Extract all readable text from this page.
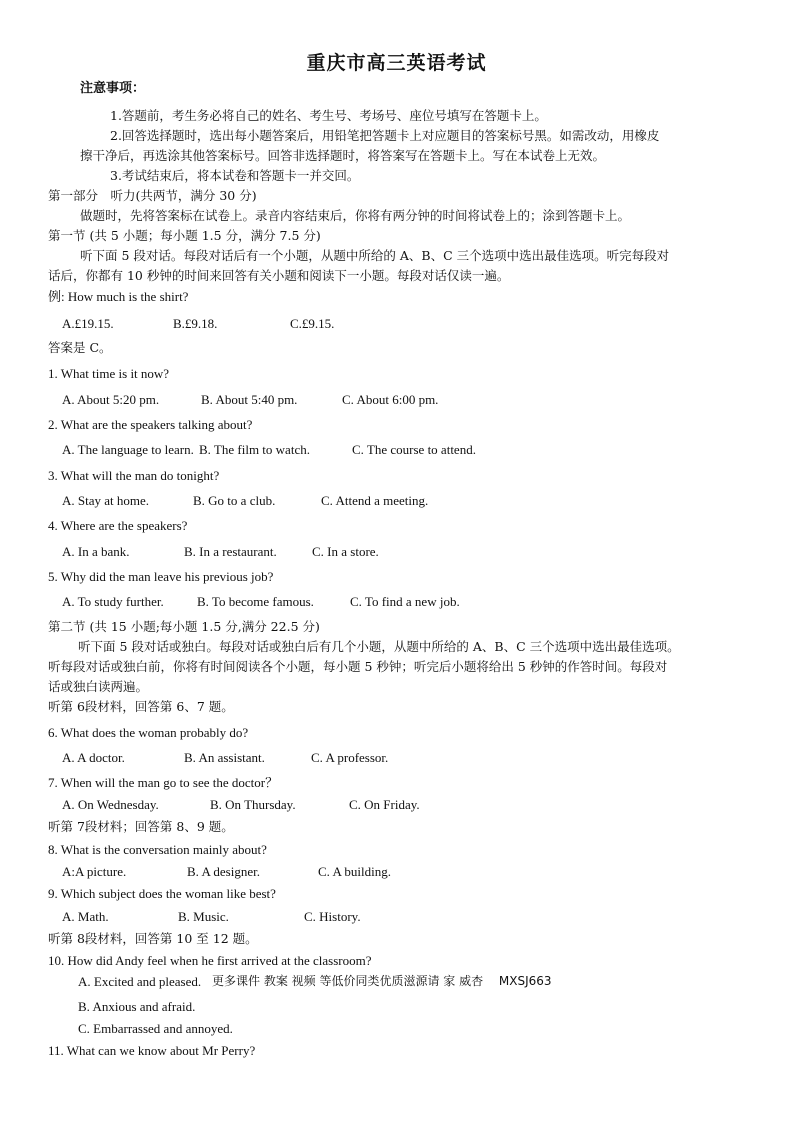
重庆市高三英语考试
注意事项：
1.答题前，考生务必将自己的姓名、考生号、考场号、座位号填写在答题卡上。
2.回答选择题时，选出每小题答案后，用铅笔把答题卡上对应题目的答案标号黑。如需改动，用橡皮
擦干净后，再选涂其他答案标号。回答非选择题时，将答案写在答题卡上。写在本试卷上无效。
3.考试结束后，将本试卷和答题卡一并交回。
第一部分　听力(共两节，满分 30 分)
做题时，先将答案标在试卷上。录音内容结束后，你将有两分钟的时间将试卷上的；涂到答题卡上。
第一节 (共 5 小题；每小题 1.5 分，满分 7.5 分)
听下面 5 段对话。每段对话后有一个小题，从题中所给的 A、B、C 三个选项中选出最佳选项。听完每段对
话后，你都有 10 秒钟的时间来回答有关小题和阅读下一小题。每段对话仅读一遍。
例: How much is the shirt?
A.£19.15.	B.£9.18.	C.£9.15.
答案是 C。
1. What time is it now?
A. About 5:20 pm.	B. About 5:40 pm.	C. About 6:00 pm.
2. What are the speakers talking about?
A. The language to learn. B. The film to watch.	C. The course to attend.
3. What will the man do tonight?
A. Stay at home.	B. Go to a club.	C. Attend a meeting.
4. Where are the speakers?
A. In a bank.	B. In a restaurant.	C. In a store.
5. Why did the man leave his previous job?
A. To study further.	B. To become famous.	C. To find a new job.
第二节 (共 15 小题;每小题 1.5 分,满分 22.5 分)
听下面 5 段对话或独白。每段对话或独白后有几个小题，从题中所给的 A、B、C 三个选项中选出最佳选项。
听每段对话或独白前，你将有时间阅读各个小题，每小题 5 秒钟；听完后小题将给出 5 秒钟的作答时间。每段对
话或独白读两遍。
听第 6段材料，回答第 6、7 题。
6. What does the woman probably do?
A. A doctor.	B. An assistant.	C. A professor.
7. When will the man go to see the doctor？
A. On Wednesday.	B. On Thursday.	C. On Friday.
听第 7段材料；回答第 8、9 题。
8. What is the conversation mainly about?
A:A picture.	B. A designer.	C. A building.
9. Which subject does the woman like best?
A. Math.	B. Music.	C. History.
听第 8段材料，回答第 10 至 12 题。
10. How did Andy feel when he first arrived at the classroom?
A. Excited and pleased. 更多课件 教案 视频 等低价同类优质滋源请 家 威杏　 MXSJ663
B. Anxious and afraid.
C. Embarrassed and annoyed.
11. What can we know about Mr Perry?
